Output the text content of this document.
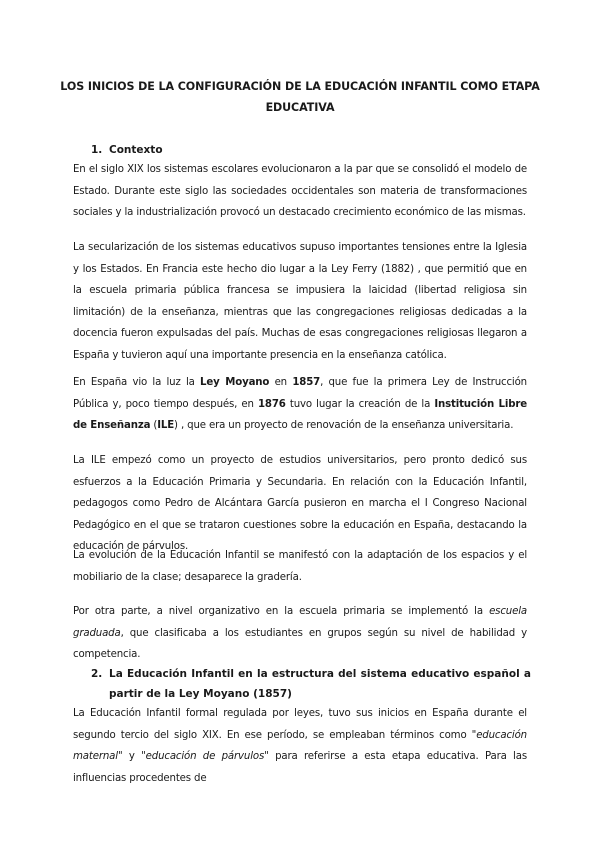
LOS INICIOS DE LA CONFIGURACIÓN DE LA EDUCACIÓN INFANTIL COMO ETAPA
EDUCATIVA
1. Contexto

En el siglo XIX los sistemas escolares evolucionaron a la par que se consolidó el modelo de Estado. Durante este siglo las sociedades occidentales son materia de transformaciones sociales y la industrialización provocó un destacado crecimiento económico de las mismas.

La secularización de los sistemas educativos supuso importantes tensiones entre la Iglesia y los Estados. En Francia este hecho dio lugar a la Ley Ferry (1882) , que permitió que en la escuela primaria pública francesa se impusiera la laicidad (libertad religiosa sin limitación) de la enseñanza, mientras que las congregaciones religiosas dedicadas a la docencia fueron expulsadas del país. Muchas de esas congregaciones religiosas llegaron a España y tuvieron aquí una importante presencia en la enseñanza católica.

En España vio la luz la Ley Moyano en 1857, que fue la primera Ley de Instrucción Pública y, poco tiempo después, en 1876 tuvo lugar la creación de la Institución Libre de Enseñanza (ILE) , que era un proyecto de renovación de la enseñanza universitaria.

La ILE empezó como un proyecto de estudios universitarios, pero pronto dedicó sus esfuerzos a la Educación Primaria y Secundaria. En relación con la Educación Infantil, pedagogos como Pedro de Alcántara García pusieron en marcha el I Congreso Nacional Pedagógico en el que se trataron cuestiones sobre la educación en España, destacando la educación de párvulos.

La evolución de la Educación Infantil se manifestó con la adaptación de los espacios y el mobiliario de la clase; desaparece la gradería.

Por otra parte, a nivel organizativo en la escuela primaria se implementó la escuela graduada, que clasificaba a los estudiantes en grupos según su nivel de habilidad y competencia.

2. La Educación Infantil en la estructura del sistema educativo español a partir de la Ley Moyano (1857)

La Educación Infantil formal regulada por leyes, tuvo sus inicios en España durante el segundo tercio del siglo XIX. En ese período, se empleaban términos como "educación maternal" y "educación de párvulos" para referirse a esta etapa educativa. Para las influencias procedentes de
